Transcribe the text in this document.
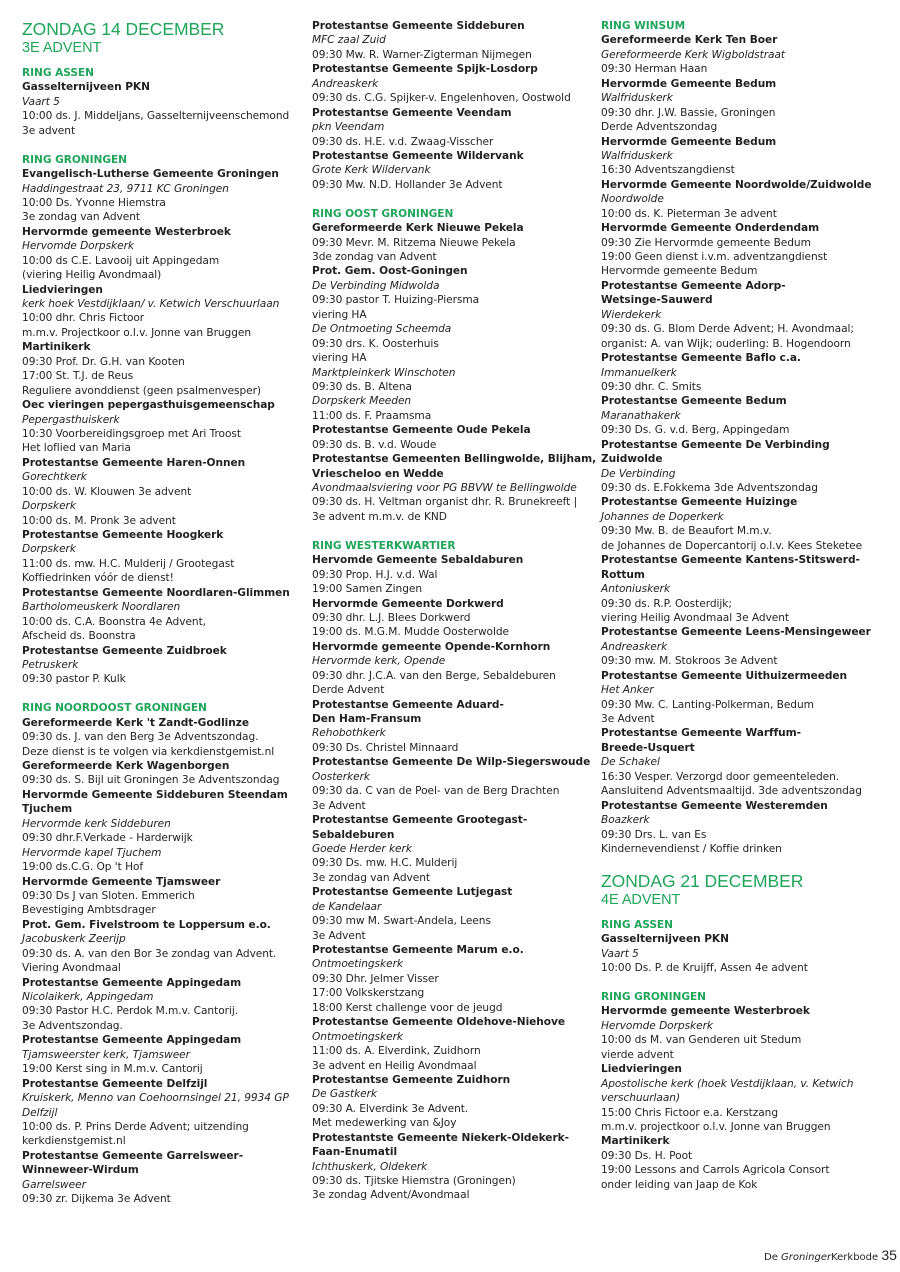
ZONDAG 14 DECEMBER
3E ADVENT
RING ASSEN
Gasselternijveen PKN
Vaart 5
10:00 ds. J. Middeljans, Gasselternijveenschemond
3e advent
RING GRONINGEN
Evangelisch-Lutherse Gemeente Groningen
Haddingestraat 23, 9711 KC Groningen
10:00 Ds. Yvonne Hiemstra
3e zondag van Advent
Hervormde gemeente Westerbroek
Hervomde Dorpskerk
10:00 ds C.E. Lavooij uit Appingedam
(viering Heilig Avondmaal)
Liedvieringen
kerk hoek Vestdijklaan/ v. Ketwich Verschuurlaan
10:00 dhr. Chris Fictoor
m.m.v. Projectkoor o.l.v. Jonne van Bruggen
Martinikerk
09:30 Prof. Dr. G.H. van Kooten
17:00 St. T.J. de Reus
Reguliere avonddienst (geen psalmenvesper)
Oec vieringen pepergasthuisgemeenschap
Pepergasthuiskerk
10:30 Voorbereidingsgroep met Ari Troost
Het loflied van Maria
Protestantse Gemeente Haren-Onnen
Gorechtkerk
10:00 ds. W. Klouwen 3e advent
Dorpskerk
10:00 ds. M. Pronk 3e advent
Protestantse Gemeente Hoogkerk
Dorpskerk
11:00 ds. mw. H.C. Mulderij / Grootegast
Koffiedrinken vóór de dienst!
Protestantse Gemeente Noordlaren-Glimmen
Bartholomeuskerk Noordlaren
10:00 ds. C.A. Boonstra 4e Advent,
Afscheid ds. Boonstra
Protestantse Gemeente Zuidbroek
Petruskerk
09:30 pastor P. Kulk
RING NOORDOOST GRONINGEN
Gereformeerde Kerk 't Zandt-Godlinze
09:30 ds. J. van den Berg 3e Adventszondag.
Deze dienst is te volgen via kerkdienstgemist.nl
Gereformeerde Kerk Wagenborgen
09:30 ds. S. Bijl uit Groningen 3e Adventszondag
Hervormde Gemeente Siddeburen Steendam
Tjuchem
Hervormde kerk Siddeburen
09:30 dhr.F.Verkade - Harderwijk
Hervormde kapel Tjuchem
19:00 ds.C.G. Op 't Hof
Hervormde Gemeente Tjamsweer
09:30 Ds J van Sloten. Emmerich
Bevestiging Ambtsdrager
Prot. Gem. Fivelstroom te Loppersum e.o.
Jacobuskerk Zeerijp
09:30 ds. A. van den Bor 3e zondag van Advent.
Viering Avondmaal
Protestantse Gemeente Appingedam
Nicolaikerk, Appingedam
09:30 Pastor H.C. Perdok M.m.v. Cantorij.
3e Adventszondag.
Protestantse Gemeente Appingedam
Tjamsweerster kerk, Tjamsweer
19:00 Kerst sing in M.m.v. Cantorij
Protestantse Gemeente Delfzijl
Kruiskerk, Menno van Coehoornsingel 21, 9934 GP
Delfzijl
10:00 ds. P. Prins Derde Advent; uitzending
kerkdienstgemist.nl
Protestantse Gemeente Garrelsweer-
Winneweer-Wirdum
Garrelsweer
09:30 zr. Dijkema 3e Advent
Protestantse Gemeente Siddeburen
MFC zaal Zuid
09:30 Mw. R. Warner-Zigterman Nijmegen
Protestantse Gemeente Spijk-Losdorp
Andreaskerk
09:30 ds. C.G. Spijker-v. Engelenhoven, Oostwold
Protestantse Gemeente Veendam
pkn Veendam
09:30 ds. H.E. v.d. Zwaag-Visscher
Protestantse Gemeente Wildervank
Grote Kerk Wildervank
09:30 Mw. N.D. Hollander 3e Advent
RING OOST GRONINGEN
Gereformeerde Kerk Nieuwe Pekela
09:30 Mevr. M. Ritzema Nieuwe Pekela
3de zondag van Advent
Prot. Gem. Oost-Goningen
De Verbinding Midwolda
09:30 pastor T. Huizing-Piersma
viering HA
De Ontmoeting Scheemda
09:30 drs. K. Oosterhuis
viering HA
Marktpleinkerk Winschoten
09:30 ds. B. Altena
Dorpskerk Meeden
11:00 ds. F. Praamsma
Protestantse Gemeente Oude Pekela
09:30 ds. B. v.d. Woude
Protestantse Gemeenten Bellingwolde, Blijham,
Vriescheloo en Wedde
Avondmaalsviering voor PG BBVW te Bellingwolde
09:30 ds. H. Veltman organist dhr. R. Brunekreeft |
3e advent m.m.v. de KND
RING WESTERKWARTIER
Hervomde Gemeente Sebaldaburen
09:30 Prop. H.J. v.d. Wal
19:00 Samen Zingen
Hervormde Gemeente Dorkwerd
09:30 dhr. L.J. Blees Dorkwerd
19:00 ds. M.G.M. Mudde Oosterwolde
Hervormde gemeente Opende-Kornhorn
Hervormde kerk, Opende
09:30 dhr. J.C.A. van den Berge, Sebaldeburen
Derde Advent
Protestantse Gemeente Aduard-
Den Ham-Fransum
Rehobothkerk
09:30 Ds. Christel Minnaard
Protestantse Gemeente De Wilp-Siegerswoude
Oosterkerk
09:30 da. C van de Poel- van de Berg Drachten
3e Advent
Protestantse Gemeente Grootegast-
Sebaldeburen
Goede Herder kerk
09:30 Ds. mw. H.C. Mulderij
3e zondag van Advent
Protestantse Gemeente Lutjegast
de Kandelaar
09:30 mw M. Swart-Andela, Leens
3e Advent
Protestantse Gemeente Marum e.o.
Ontmoetingskerk
09:30 Dhr. Jelmer Visser
17:00 Volkskerstzang
18:00 Kerst challenge voor de jeugd
Protestantse Gemeente Oldehove-Niehove
Ontmoetingskerk
11:00 ds. A. Elverdink, Zuidhorn
3e advent en Heilig Avondmaal
Protestantse Gemeente Zuidhorn
De Gastkerk
09:30 A. Elverdink 3e Advent.
Met medewerking van &Joy
Protestantste Gemeente Niekerk-Oldekerk-
Faan-Enumatil
Ichthuskerk, Oldekerk
09:30 ds. Tjitske Hiemstra (Groningen)
3e zondag Advent/Avondmaal
RING WINSUM
Gereformeerde Kerk Ten Boer
Gereformeerde Kerk Wigboldstraat
09:30 Herman Haan
Hervormde Gemeente Bedum
Walfriduskerk
09:30 dhr. J.W. Bassie, Groningen
Derde Adventszondag
Hervormde Gemeente Bedum
Walfriduskerk
16:30 Adventszangdienst
Hervormde Gemeente Noordwolde/Zuidwolde
Noordwolde
10:00 ds. K. Pieterman 3e advent
Hervormde Gemeente Onderdendam
09:30 Zie Hervormde gemeente Bedum
19:00 Geen dienst i.v.m. adventzangdienst
Hervormde gemeente Bedum
Protestantse Gemeente Adorp-
Wetsinge-Sauwerd
Wierdekerk
09:30 ds. G. Blom Derde Advent; H. Avondmaal;
organist: A. van Wijk; ouderling: B. Hogendoorn
Protestantse Gemeente Baflo c.a.
Immanuelkerk
09:30 dhr. C. Smits
Protestantse Gemeente Bedum
Maranathakerk
09:30 Ds. G. v.d. Berg, Appingedam
Protestantse Gemeente De Verbinding
Zuidwolde
De Verbinding
09:30 ds. E.Fokkema 3de Adventszondag
Protestantse Gemeente Huizinge
Johannes de Doperkerk
09:30 Mw. B. de Beaufort M.m.v.
de Johannes de Dopercantorij o.l.v. Kees Steketee
Protestantse Gemeente Kantens-Stitswerd-
Rottum
Antoniuskerk
09:30 ds. R.P. Oosterdijk;
viering Heilig Avondmaal 3e Advent
Protestantse Gemeente Leens-Mensingeweer
Andreaskerk
09:30 mw. M. Stokroos 3e Advent
Protestantse Gemeente Uithuizermeeden
Het Anker
09:30 Mw. C. Lanting-Polkerman, Bedum
3e Advent
Protestantse Gemeente Warffum-
Breede-Usquert
De Schakel
16:30 Vesper. Verzorgd door gemeenteleden.
Aansluitend Adventsmaaltijd. 3de adventszondag
Protestantse Gemeente Westeremden
Boazkerk
09:30 Drs. L. van Es
Kindernevendienst / Koffie drinken
ZONDAG 21 DECEMBER
4E ADVENT
RING ASSEN
Gasselternijveen PKN
Vaart 5
10:00 Ds. P. de Kruijff, Assen 4e advent
RING GRONINGEN
Hervormde gemeente Westerbroek
Hervomde Dorpskerk
10:00 ds M. van Genderen uit Stedum
vierde advent
Liedvieringen
Apostolische kerk (hoek Vestdijklaan, v. Ketwich
verschuurlaan)
15:00 Chris Fictoor e.a. Kerstzang
m.m.v. projectkoor o.l.v. Jonne van Bruggen
Martinikerk
09:30 Ds. H. Poot
19:00 Lessons and Carrols Agricola Consort
onder leiding van Jaap de Kok
De GroningerKerkbode 35
